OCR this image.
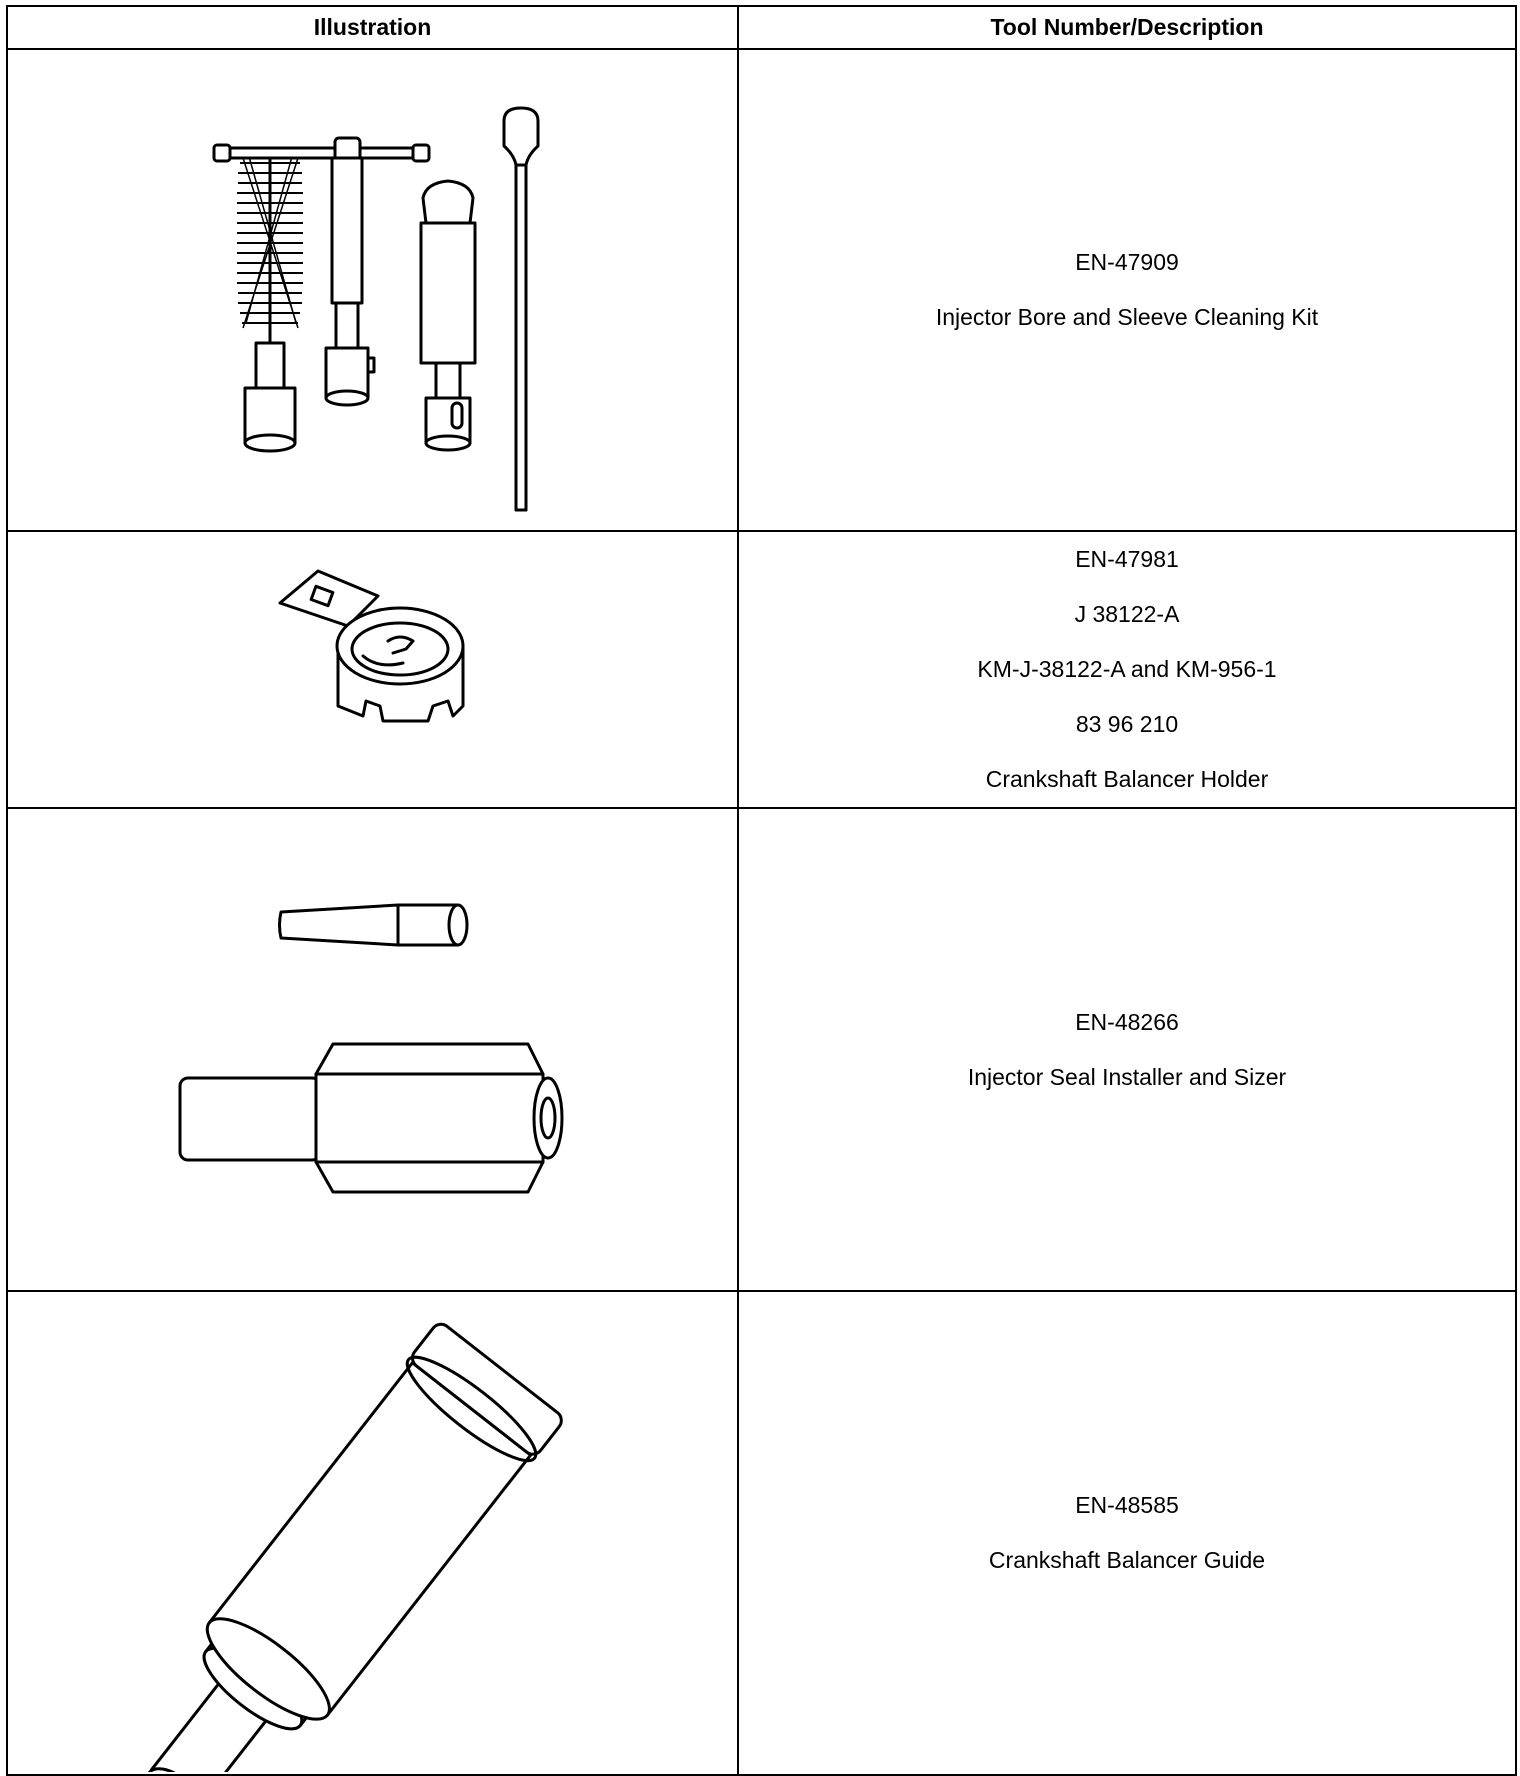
Illustration	Tool Number/Description

EN-47909
Injector Bore and Sleeve Cleaning Kit

EN-47981
J 38122-A
KM-J-38122-A and KM-956-1
83 96 210
Crankshaft Balancer Holder

EN-48266
Injector Seal Installer and Sizer

EN-48585
Crankshaft Balancer Guide
